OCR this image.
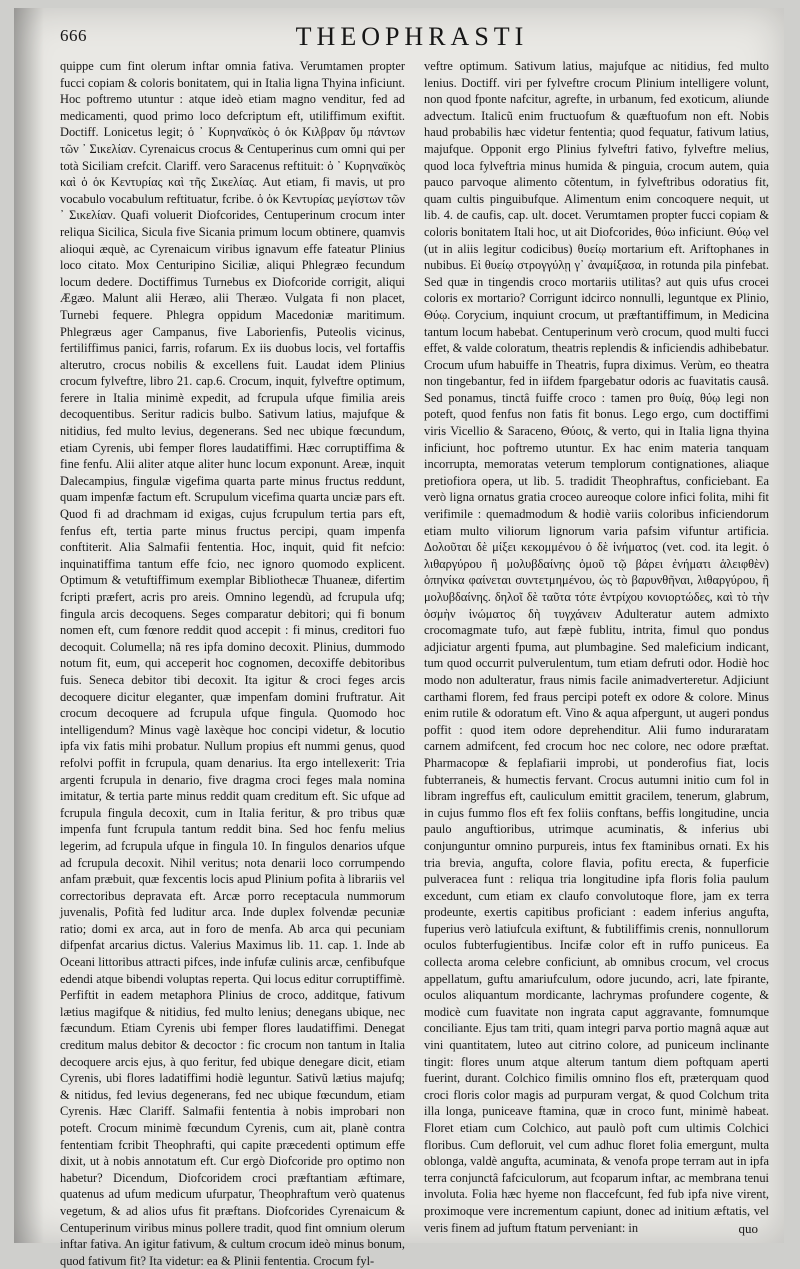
666	THEOPHRASTI

quippe cum fint olerum inftar omnia fativa. Verumtamen propter fucci copiam & coloris bonitatem, qui in Italia ligna Thyina inficiunt. Hoc poftremo utuntur : atque ideò etiam magno venditur, fed ad medicamenti, quod primo loco defcriptum eft, utiliffimum exiftit. Doctiff. Lonicetus legit; ὁ ᾽ Κυρηναϊκὸς ὁ ὁκ Κιλβραν ὕμ πάντων τῶν ᾽ Σικελίαν. Cyrenaicus crocus & Centuperinus cum omni qui per totà Siciliam crefcit. Clariff. vero Saracenus reftituit: ὁ ᾽ Κυρηναϊκὸς καὶ ὁ ὁκ Κεντυρίας καὶ τῆς Σικελίας. Aut etiam, fi mavis, ut pro vocabulo vocabulum reftituatur, fcribe. ὁ ὁκ Κεντυρίας μεγίστων τῶν ᾽ Σικελίαν. Quafi voluerit Diofcorides, Centuperinum crocum inter reliqua Sicilica, Sicula five Sicania primum locum obtinere, quamvis alioqui æquè, ac Cyrenaicum viribus ignavum effe fateatur Plinius loco citato. Mox Centuripino Siciliæ, aliqui Phlegræo fecundum locum dedere. Doctiffimus Turnebus ex Diofcoride corrigit, aliqui Ægæo. Malunt alii Heræo, alii Theræo. Vulgata fi non placet, Turnebi fequere. Phlegra oppidum Macedoniæ maritimum. Phlegræus ager Campanus, five Laborienfis, Puteolis vicinus, fertiliffimus panici, farris, rofarum. Ex iis duobus locis, vel fortaffis alterutro, crocus nobilis & excellens fuit. Laudat idem Plinius crocum fylveftre, libro 21. cap.6. Crocum, inquit, fylveftre optimum, ferere in Italia minimè expedit, ad fcrupula ufque fimilia areis decoquentibus. Seritur radicis bulbo. Sativum latius, majufque & nitidius, fed multo levius, degenerans. Sed nec ubique fœcundum, etiam Cyrenis, ubi femper flores laudatiffimi. Hæc corruptiffima & fine fenfu. Alii aliter atque aliter hunc locum exponunt. Areæ, inquit Dalecampius, fingulæ vigefima quarta parte minus fructus reddunt, quam impenfæ factum eft. Scrupulum vicefima quarta unciæ pars eft. Quod fi ad drachmam id exigas, cujus fcrupulum tertia pars eft, fenfus eft, tertia parte minus fructus percipi, quam impenfa conftiterit. Alia Salmafii fententia. Hoc, inquit, quid fit nefcio: inquinatiffima tantum effe fcio, nec ignoro quomodo explicent. Optimum & vetuftiffimum exemplar Bibliothecæ Thuaneæ, difertim fcripti præfert, acris pro areis. Omnino legendù, ad fcrupula ufq; fingula arcis decoquens. Seges comparatur debitori; qui fi bonum nomen eft, cum fœnore reddit quod accepit : fi minus, creditori fuo decoquit. Columella; nã res ipfa domino decoxit. Plinius, dummodo notum fit, eum, qui acceperit hoc cognomen, decoxiffe debitoribus fuis. Seneca debitor tibi decoxit. Ita igitur & croci feges arcis decoquere dicitur eleganter, quæ impenfam domini fruftratur. Ait crocum decoquere ad fcrupula ufque fingula. Quomodo hoc intelligendum? Minus vagè laxèque hoc concipi videtur, & locutio ipfa vix fatis mihi probatur. Nullum propius eft nummi genus, quod refolvi poffit in fcrupula, quam denarius. Ita ergo intellexerit: Tria argenti fcrupula in denario, five dragma croci feges mala nomina imitatur, & tertia parte minus reddit quam creditum eft. Sic ufque ad fcrupula fingula decoxit, cum in Italia feritur, & pro tribus quæ impenfa funt fcrupula tantum reddit bina. Sed hoc fenfu melius legerim, ad fcrupula ufque in fingula 10. In fingulos denarios ufque ad fcrupula decoxit. Nihil veritus; nota denarii loco corrumpendo anfam præbuit, quæ fexcentis locis apud Plinium pofita à librariis vel correctoribus depravata eft. Arcæ porro receptacula nummorum juvenalis, Pofità fed luditur arca. Inde duplex folvendæ pecuniæ ratio; domi ex arca, aut in foro de menfa. Ab arca qui pecuniam difpenfat arcarius dictus. Valerius Maximus lib. 11. cap. 1. Inde ab Oceani littoribus attracti pifces, inde infufæ culinis arcæ, cenfibufque edendi atque bibendi voluptas reperta. Qui locus editur corruptiffimè. Perfiftit in eadem metaphora Plinius de croco, additque, fativum lætius magifque & nitidius, fed multo lenius; denegans ubique, nec fæcundum. Etiam Cyrenis ubi femper flores laudatiffimi. Denegat creditum malus debitor & decoctor : fic crocum non tantum in Italia decoquere arcis ejus, à quo feritur, fed ubique denegare dicit, etiam Cyrenis, ubi flores ladatiffimi hodiè leguntur. Sativũ lætius majufq; & nitidus, fed levius degenerans, fed nec ubique fœcundum, etiam Cyrenis. Hæc Clariff. Salmafii fententia à nobis improbari non poteft. Crocum minimè fœcundum Cyrenis, cum ait, planè contra fententiam fcribit Theophrafti, qui capite præcedenti optimum effe dixit, ut à nobis annotatum eft. Cur ergò Diofcoride pro optimo non habetur? Dicendum, Diofcoridem croci præftantiam æftimare, quatenus ad ufum medicum ufurpatur, Theophraftum verò quatenus vegetum, & ad alios ufus fit præftans. Diofcorides Cyrenaicum & Centuperinum viribus minus pollere tradit, quod fint omnium olerum inftar fativa. An igitur fativum, & cultum crocum ideò minus bonum, quod fativum fit? Ita videtur: ea & Plinii fententia. Crocum fyl-

veftre optimum. Sativum latius, majufque ac nitidius, fed multo lenius. Doctiff. viri per fylveftre crocum Plinium intelligere volunt, non quod fponte nafcitur, agrefte, in urbanum, fed exoticum, aliunde advectum. Italicũ enim fructuofum & quæftuofum non eft. Nobis haud probabilis hæc videtur fententia; quod fequatur, fativum latius, majufque. Opponit ergo Plinius fylveftri fativo, fylveftre melius, quod loca fylveftria minus humida & pinguia, crocum autem, quia pauco parvoque alimento cõtentum, in fylveftribus odoratius fit, quam cultis pinguibufque. Alimentum enim concoquere nequit, ut lib. 4. de caufis, cap. ult. docet. Verumtamen propter fucci copiam & coloris bonitatem Itali hoc, ut ait Diofcorides, θύω inficiunt. Θύῳ vel (ut in aliis legitur codicibus) θυείῳ mortarium eft. Ariftophanes in nubibus. Εἰ θυείῳ στρογγύλῃ γ᾽ ἀναμίξασα, in rotunda pila pinfebat. Sed quæ in tingendis croco mortariis utilitas? aut quis ufus crocei coloris ex mortario? Corrigunt idcirco nonnulli, leguntque ex Plinio, Θύῳ. Corycium, inquiunt crocum, ut præftantiffimum, in Medicina tantum locum habebat. Centuperinum verò crocum, quod multi fucci effet, & valde coloratum, theatris replendis & inficiendis adhibebatur. Crocum ufum habuiffe in Theatris, fupra diximus. Verùm, eo theatra non tingebantur, fed in iifdem fpargebatur odoris ac fuavitatis causâ. Sed ponamus, tinctâ fuiffe croco : tamen pro θυίᾳ, θύῳ legi non poteft, quod fenfus non fatis fit bonus. Lego ergo, cum doctiffimi viris Vicellio & Saraceno, Θύοις, & verto, qui in Italia ligna thyina inficiunt, hoc poftremo utuntur. Ex hac enim materia tanquam incorrupta, memoratas veterum templorum contignationes, aliaque pretiofiora opera, ut lib. 5. tradidit Theophraftus, conficiebant. Ea verò ligna ornatus gratia croceo aureoque colore infici folita, mihi fit verifimile : quemadmodum & hodiè variis coloribus inficiendorum etiam multo viliorum lignorum varia pafsim vifuntur artificia. Δολοῦται δὲ μίξει κεκομμένου ὁ δὲ ἰνήματος (vet. cod. ita legit. ὁ λιθαργύρου ἢ μολυβδαίνης ὁμοῦ τῷ βάρει ἐνήματι ἁλειφθὲν) ὁπηνίκα φαίνεται συντετμημένου, ὡς τὸ βαρυνθῆναι, λιθαργύρου, ἢ μολυβδαίνης. δηλοῖ δὲ ταῦτα τότε ἐντρίχου κονιορτώδες, καὶ τὸ τὴν ὀσμὴν ἰνώματος δὴ τυγχάνειν Adulteratur autem admixto crocomagmate tufo, aut fæpè fublitu, intrita, fimul quo pondus adjiciatur argenti fpuma, aut plumbagine. Sed maleficium indicant, tum quod occurrit pulverulentum, tum etiam defruti odor. Hodiè hoc modo non adulteratur, fraus nimis facile animadverteretur. Adjiciunt carthami florem, fed fraus percipi poteft ex odore & colore. Minus enim rutile & odoratum eft. Vino & aqua afpergunt, ut augeri pondus poffit : quod item odore deprehenditur. Alii fumo induraratam carnem admifcent, fed crocum hoc nec colore, nec odore præftat. Pharmacopœ & feplafiarii improbi, ut ponderofius fiat, locis fubterraneis, & humectis fervant. Crocus autumni initio cum fol in libram ingreffus eft, cauliculum emittit gracilem, tenerum, glabrum, in cujus fummo flos eft fex foliis conftans, beffis longitudine, uncia paulo anguftioribus, utrimque acuminatis, & inferius ubi conjunguntur omnino purpureis, intus fex ftaminibus ornati. Ex his tria brevia, angufta, colore flavia, pofitu erecta, & fuperficie pulveracea funt : reliqua tria longitudine ipfa floris folia paulum excedunt, cum etiam ex claufo convolutoque flore, jam ex terra prodeunte, exertis capitibus proficiant : eadem inferius angufta, fuperius verò latiufcula exiftunt, & fubtiliffimis crenis, nonnullorum oculos fubterfugientibus. Incifæ color eft in ruffo puniceus. Ea collecta aroma celebre conficiunt, ab omnibus crocum, vel crocus appellatum, guftu amariufculum, odore jucundo, acri, late fpirante, oculos aliquantum mordicante, lachrymas profundere cogente, & modicè cum fuavitate non ingrata caput aggravante, fomnumque conciliante. Ejus tam triti, quam integri parva portio magnâ aquæ aut vini quantitatem, luteo aut citrino colore, ad puniceum inclinante tingit: flores unum atque alterum tantum diem poftquam aperti fuerint, durant. Colchico fimilis omnino flos eft, præterquam quod croci floris color magis ad purpuram vergat, & quod Colchum trita illa longa, puniceave ftamina, quæ in croco funt, minimè habeat. Floret etiam cum Colchico, aut paulò poft cum ultimis Colchici floribus. Cum defloruit, vel cum adhuc floret folia emergunt, multa oblonga, valdè angufta, acuminata, & venofa prope terram aut in ipfa terra conjunctâ fafciculorum, aut fcoparum inftar, ac membrana tenui involuta. Folia hæc hyeme non flaccefcunt, fed fub ipfa nive virent, proximoque vere incrementum capiunt, donec ad initium æftatis, vel veris finem ad juftum ftatum perveniant: in	quo
